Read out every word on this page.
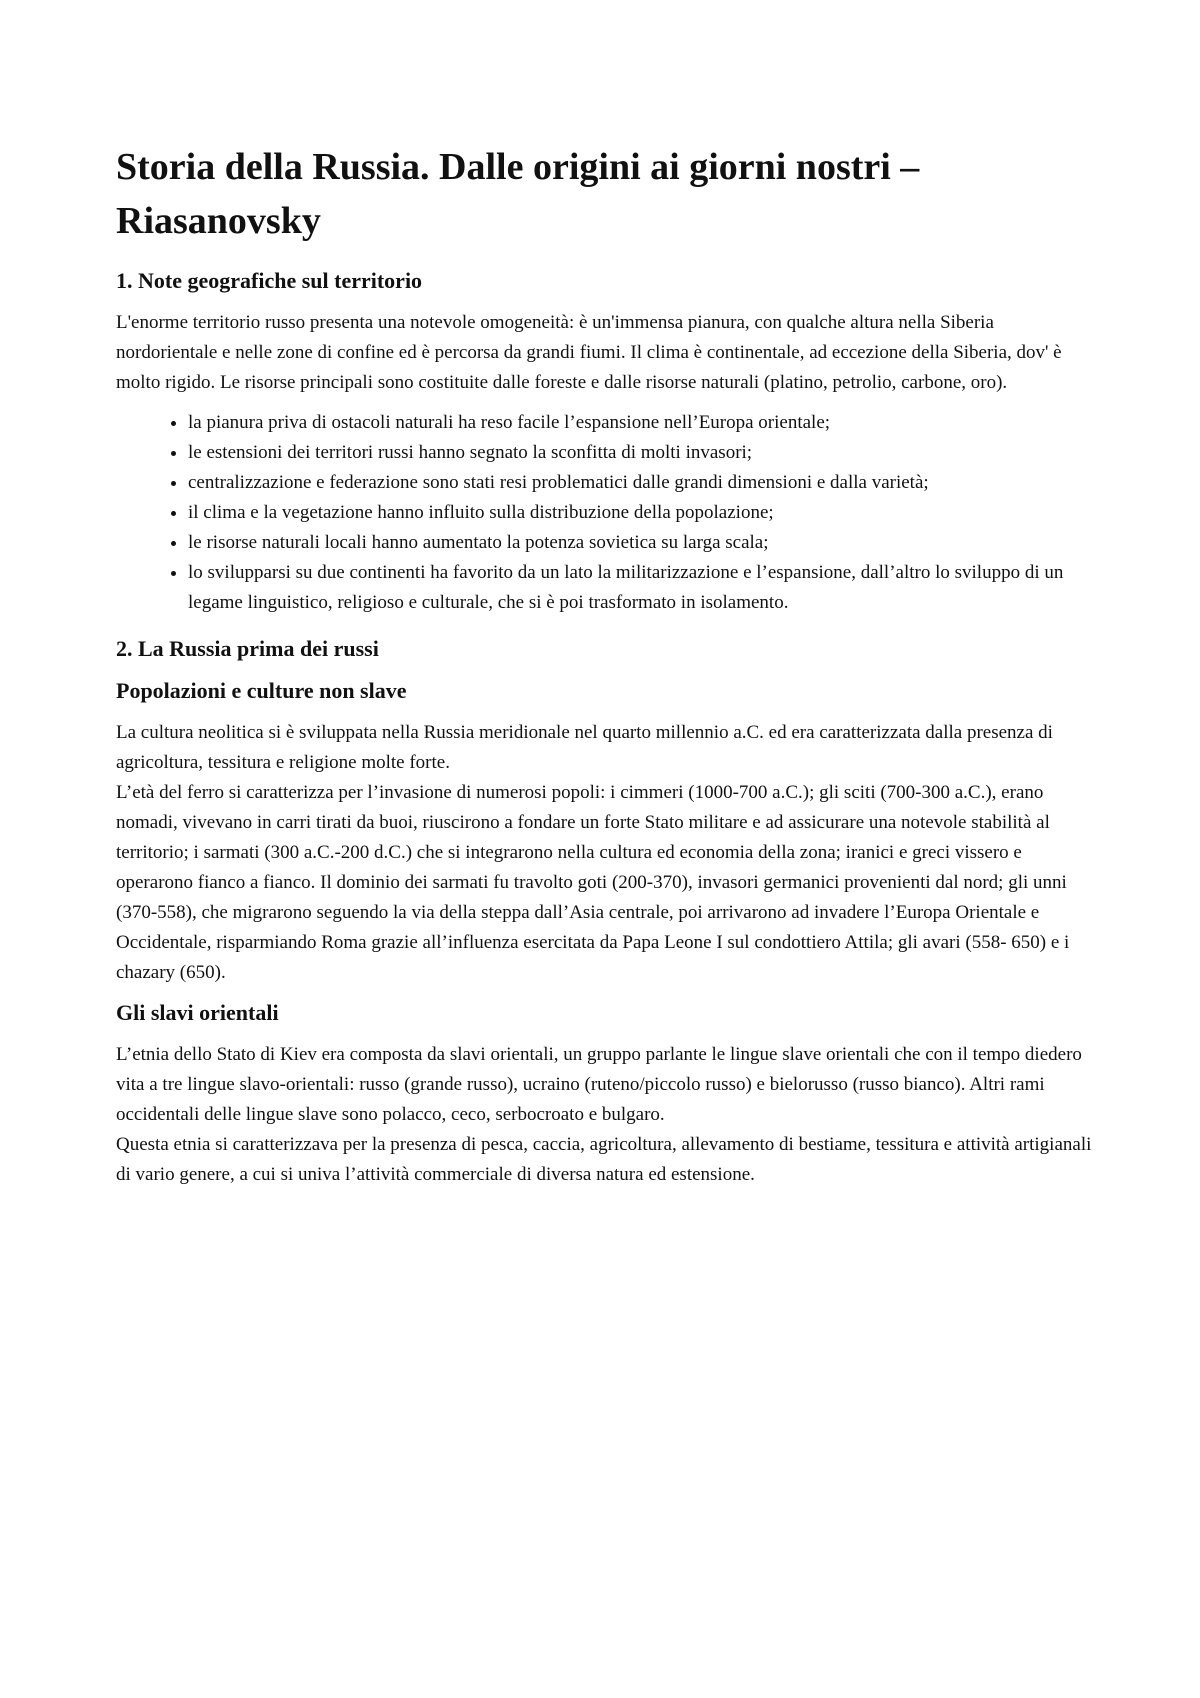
Storia della Russia. Dalle origini ai giorni nostri – Riasanovsky
1. Note geografiche sul territorio

L'enorme territorio russo presenta una notevole omogeneità: è un'immensa pianura, con qualche altura nella Siberia nordorientale e nelle zone di confine ed è percorsa da grandi fiumi. Il clima è continentale, ad eccezione della Siberia, dov' è molto rigido. Le risorse principali sono costituite dalle foreste e dalle risorse naturali (platino, petrolio, carbone, oro).

• la pianura priva di ostacoli naturali ha reso facile l’espansione nell’Europa orientale;
• le estensioni dei territori russi hanno segnato la sconfitta di molti invasori;
• centralizzazione e federazione sono stati resi problematici dalle grandi dimensioni e dalla varietà;
• il clima e la vegetazione hanno influito sulla distribuzione della popolazione;
• le risorse naturali locali hanno aumentato la potenza sovietica su larga scala;
• lo svilupparsi su due continenti ha favorito da un lato la militarizzazione e l’espansione, dall’altro lo sviluppo di un legame linguistico, religioso e culturale, che si è poi trasformato in isolamento.
2. La Russia prima dei russi
Popolazioni e culture non slave

La cultura neolitica si è sviluppata nella Russia meridionale nel quarto millennio a.C. ed era caratterizzata dalla presenza di agricoltura, tessitura e religione molte forte.

L’età del ferro si caratterizza per l’invasione di numerosi popoli: i cimmeri (1000-700 a.C.); gli sciti (700-300 a.C.), erano nomadi, vivevano in carri tirati da buoi, riuscirono a fondare un forte Stato militare e ad assicurare una notevole stabilità al territorio; i sarmati (300 a.C.-200 d.C.) che si integrarono nella cultura ed economia della zona; iranici e greci vissero e operarono fianco a fianco. Il dominio dei sarmati fu travolto goti (200-370), invasori germanici provenienti dal nord; gli unni (370-558), che migrarono seguendo la via della steppa dall’Asia centrale, poi arrivarono ad invadere l’Europa Orientale e Occidentale, risparmiando Roma grazie all’influenza esercitata da Papa Leone I sul condottiero Attila; gli avari (558- 650) e i chazary (650).

Gli slavi orientali

L’etnia dello Stato di Kiev era composta da slavi orientali, un gruppo parlante le lingue slave orientali che con il tempo diedero vita a tre lingue slavo-orientali: russo (grande russo), ucraino (ruteno/piccolo russo) e bielorusso (russo bianco). Altri rami occidentali delle lingue slave sono polacco, ceco, serbocroato e bulgaro.

Questa etnia si caratterizzava per la presenza di pesca, caccia, agricoltura, allevamento di bestiame, tessitura e attività artigianali di vario genere, a cui si univa l’attività commerciale di diversa natura ed estensione.
